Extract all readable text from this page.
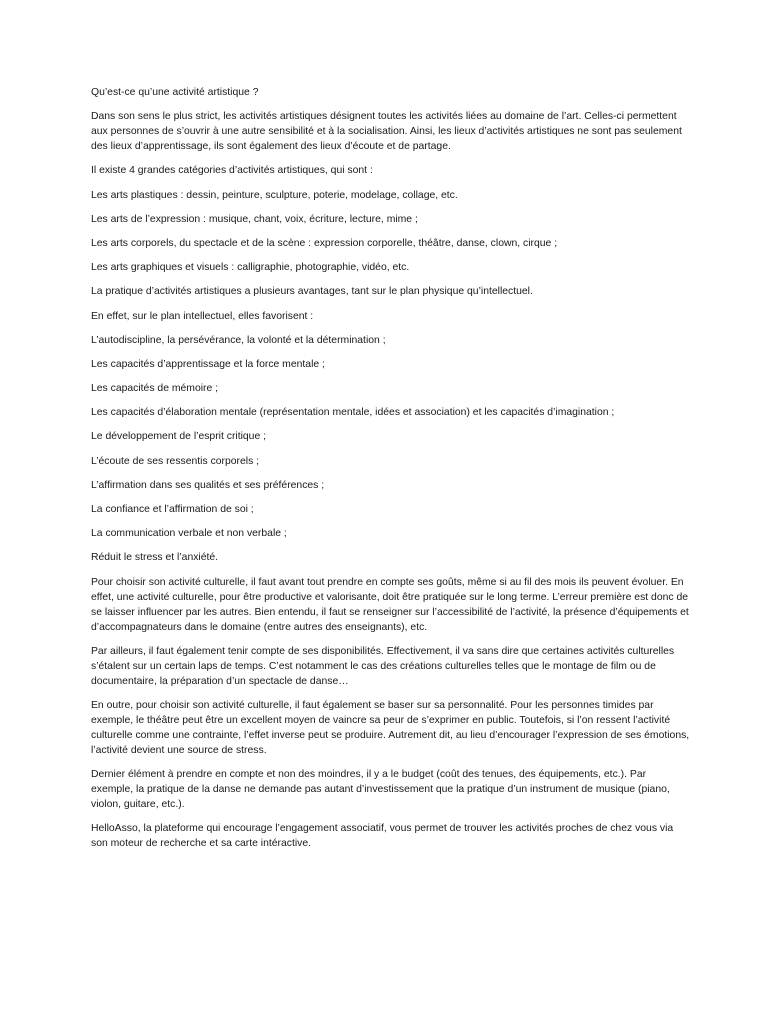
Qu’est-ce qu’une activité artistique ?

Dans son sens le plus strict, les activités artistiques désignent toutes les activités liées au domaine de l’art. Celles-ci permettent aux personnes de s’ouvrir à une autre sensibilité et à la socialisation. Ainsi, les lieux d’activités artistiques ne sont pas seulement des lieux d’apprentissage, ils sont également des lieux d’écoute et de partage.

Il existe 4 grandes catégories d’activités artistiques, qui sont :

Les arts plastiques : dessin, peinture, sculpture, poterie, modelage, collage, etc.

Les arts de l’expression : musique, chant, voix, écriture, lecture, mime ;

Les arts corporels, du spectacle et de la scène : expression corporelle, théâtre, danse, clown, cirque ;

Les arts graphiques et visuels : calligraphie, photographie, vidéo, etc.

La pratique d’activités artistiques a plusieurs avantages, tant sur le plan physique qu’intellectuel.

En effet, sur le plan intellectuel, elles favorisent :

L’autodiscipline, la persévérance, la volonté et la détermination ;

Les capacités d’apprentissage et la force mentale ;

Les capacités de mémoire ;

Les capacités d’élaboration mentale (représentation mentale, idées et association) et les capacités d’imagination ;

Le développement de l’esprit critique ;

L’écoute de ses ressentis corporels ;

L’affirmation dans ses qualités et ses préférences ;

La confiance et l’affirmation de soi ;

La communication verbale et non verbale ;

Réduit le stress et l’anxiété.

Pour choisir son activité culturelle, il faut avant tout prendre en compte ses goûts, même si au fil des mois ils peuvent évoluer. En effet, une activité culturelle, pour être productive et valorisante, doit être pratiquée sur le long terme. L’erreur première est donc de se laisser influencer par les autres. Bien entendu, il faut se renseigner sur l’accessibilité de l’activité, la présence d’équipements et d’accompagnateurs dans le domaine (entre autres des enseignants), etc.

Par ailleurs, il faut également tenir compte de ses disponibilités. Effectivement, il va sans dire que certaines activités culturelles s’étalent sur un certain laps de temps. C’est notamment le cas des créations culturelles telles que le montage de film ou de documentaire, la préparation d’un spectacle de danse…

En outre, pour choisir son activité culturelle, il faut également se baser sur sa personnalité. Pour les personnes timides par exemple, le théâtre peut être un excellent moyen de vaincre sa peur de s’exprimer en public. Toutefois, si l’on ressent l’activité culturelle comme une contrainte, l’effet inverse peut se produire. Autrement dit, au lieu d’encourager l’expression de ses émotions, l’activité devient une source de stress.

Dernier élément à prendre en compte et non des moindres, il y a le budget (coût des tenues, des équipements, etc.). Par exemple, la pratique de la danse ne demande pas autant d’investissement que la pratique d’un instrument de musique (piano, violon, guitare, etc.).

HelloAsso, la plateforme qui encourage l’engagement associatif, vous permet de trouver les activités proches de chez vous via son moteur de recherche et sa carte intéractive.
